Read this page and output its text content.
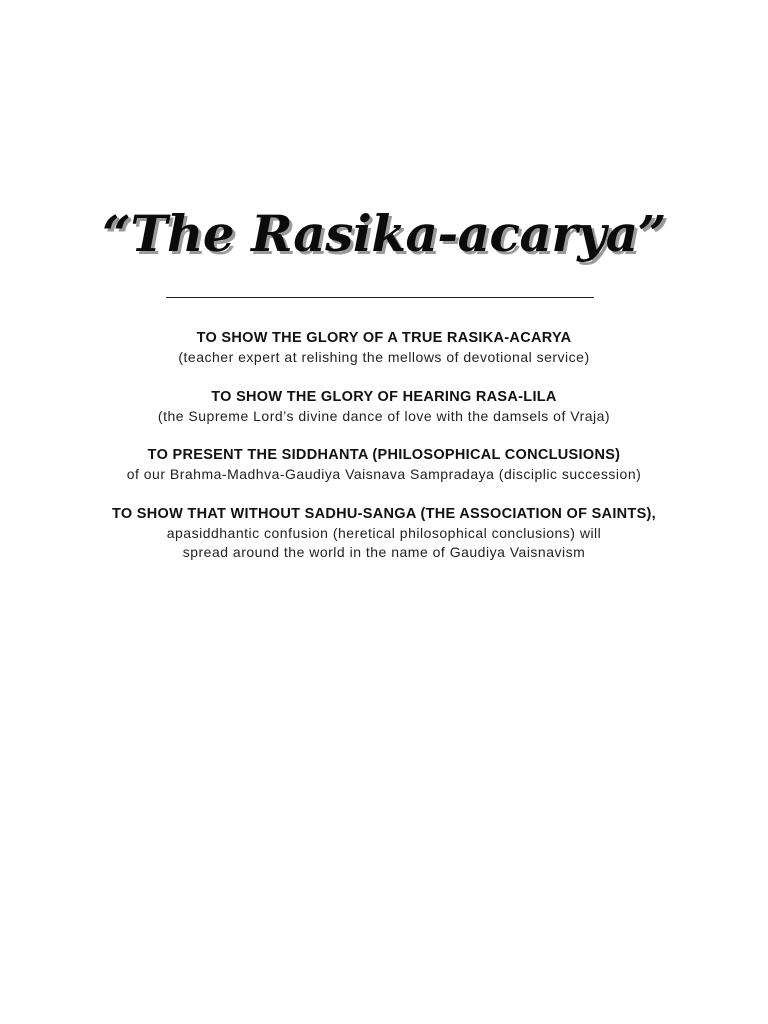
“The Rasika-acarya”
TO SHOW THE GLORY OF A TRUE RASIKA-ACARYA
(teacher expert at relishing the mellows of devotional service)
TO SHOW THE GLORY OF HEARING RASA-LILA
(the Supreme Lord’s divine dance of love with the damsels of Vraja)
TO PRESENT THE SIDDHANTA (PHILOSOPHICAL CONCLUSIONS)
of our Brahma-Madhva-Gaudiya Vaisnava Sampradaya (disciplic succession)
TO SHOW THAT WITHOUT SADHU-SANGA (THE ASSOCIATION OF SAINTS),
apasiddhantic confusion (heretical philosophical conclusions) will
spread around the world in the name of Gaudiya Vaisnavism
